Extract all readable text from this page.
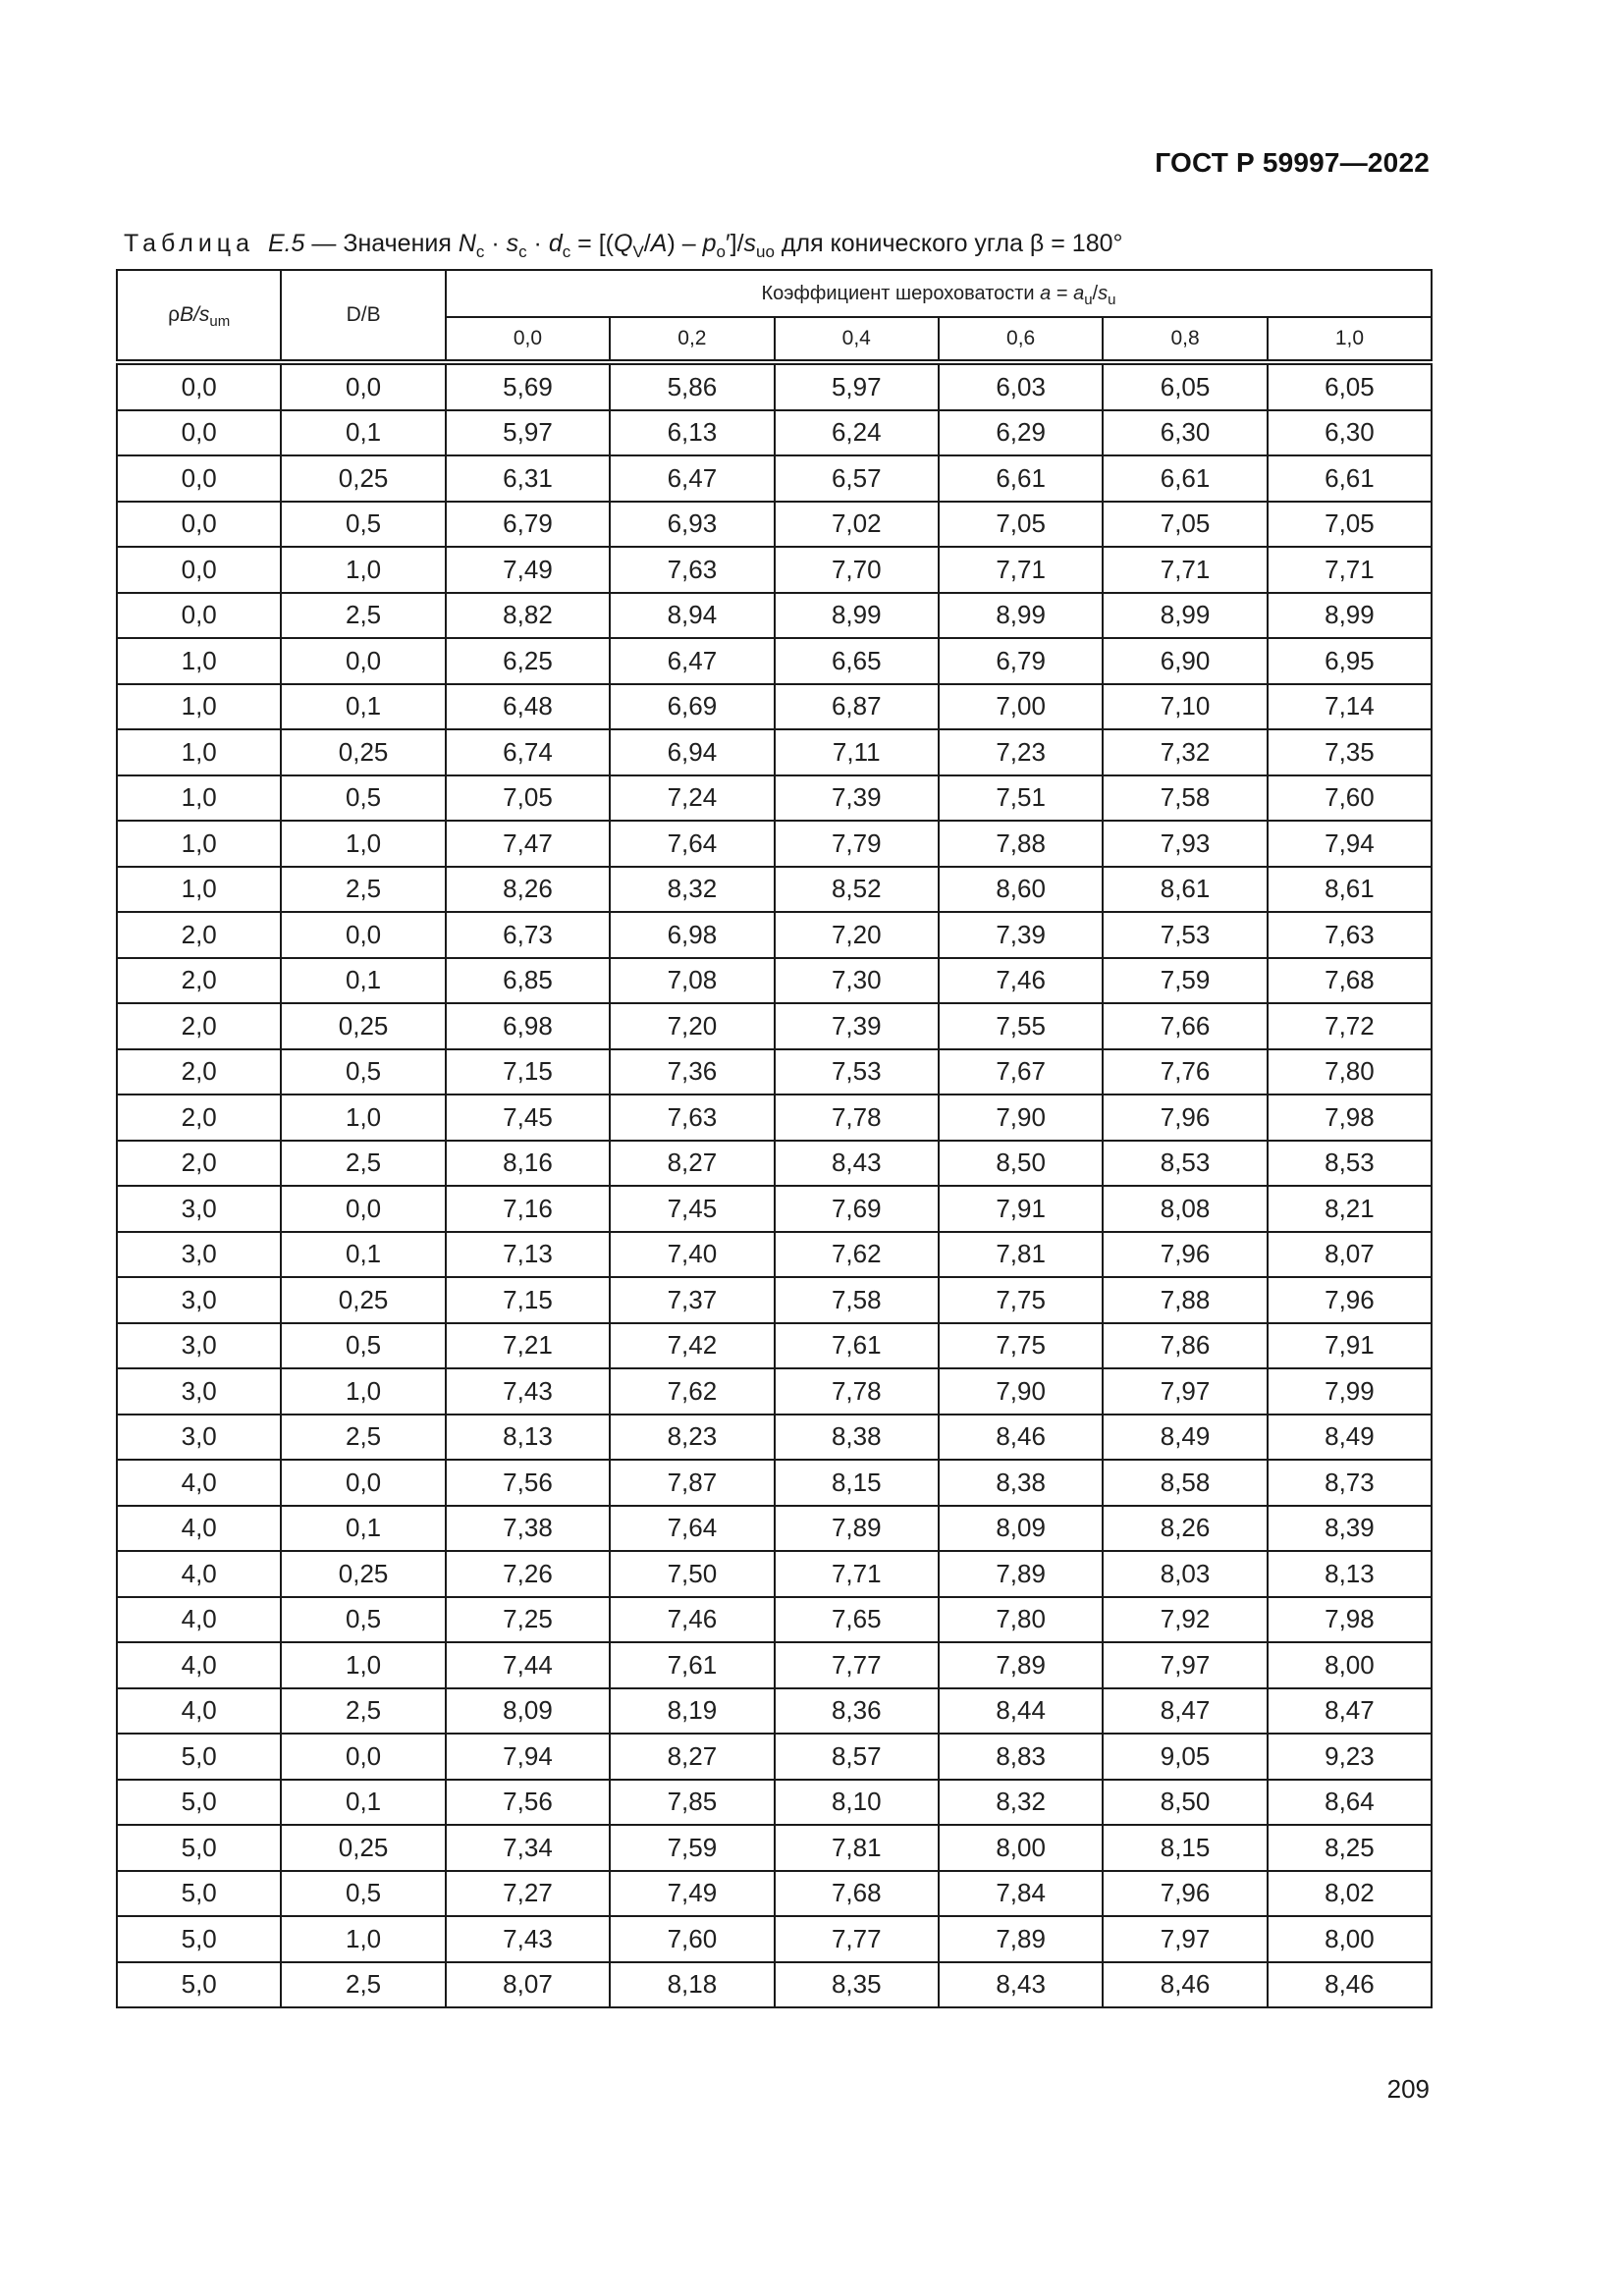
ГОСТ Р 59997—2022
Таблица E.5 — Значения $N_c \cdot s_c \cdot d_c = [(Q_V/A) - p_o']/s_{uo}$ для конического угла β = 180°
$\rho B/s_{um}$	D/B	Коэффициент шероховатости $a = a_u/s_u$
		0,0	0,2	0,4	0,6	0,8	1,0
0,0	0,0	5,69	5,86	5,97	6,03	6,05	6,05
0,0	0,1	5,97	6,13	6,24	6,29	6,30	6,30
0,0	0,25	6,31	6,47	6,57	6,61	6,61	6,61
0,0	0,5	6,79	6,93	7,02	7,05	7,05	7,05
0,0	1,0	7,49	7,63	7,70	7,71	7,71	7,71
0,0	2,5	8,82	8,94	8,99	8,99	8,99	8,99
1,0	0,0	6,25	6,47	6,65	6,79	6,90	6,95
1,0	0,1	6,48	6,69	6,87	7,00	7,10	7,14
1,0	0,25	6,74	6,94	7,11	7,23	7,32	7,35
1,0	0,5	7,05	7,24	7,39	7,51	7,58	7,60
1,0	1,0	7,47	7,64	7,79	7,88	7,93	7,94
1,0	2,5	8,26	8,32	8,52	8,60	8,61	8,61
2,0	0,0	6,73	6,98	7,20	7,39	7,53	7,63
2,0	0,1	6,85	7,08	7,30	7,46	7,59	7,68
2,0	0,25	6,98	7,20	7,39	7,55	7,66	7,72
2,0	0,5	7,15	7,36	7,53	7,67	7,76	7,80
2,0	1,0	7,45	7,63	7,78	7,90	7,96	7,98
2,0	2,5	8,16	8,27	8,43	8,50	8,53	8,53
3,0	0,0	7,16	7,45	7,69	7,91	8,08	8,21
3,0	0,1	7,13	7,40	7,62	7,81	7,96	8,07
3,0	0,25	7,15	7,37	7,58	7,75	7,88	7,96
3,0	0,5	7,21	7,42	7,61	7,75	7,86	7,91
3,0	1,0	7,43	7,62	7,78	7,90	7,97	7,99
3,0	2,5	8,13	8,23	8,38	8,46	8,49	8,49
4,0	0,0	7,56	7,87	8,15	8,38	8,58	8,73
4,0	0,1	7,38	7,64	7,89	8,09	8,26	8,39
4,0	0,25	7,26	7,50	7,71	7,89	8,03	8,13
4,0	0,5	7,25	7,46	7,65	7,80	7,92	7,98
4,0	1,0	7,44	7,61	7,77	7,89	7,97	8,00
4,0	2,5	8,09	8,19	8,36	8,44	8,47	8,47
5,0	0,0	7,94	8,27	8,57	8,83	9,05	9,23
5,0	0,1	7,56	7,85	8,10	8,32	8,50	8,64
5,0	0,25	7,34	7,59	7,81	8,00	8,15	8,25
5,0	0,5	7,27	7,49	7,68	7,84	7,96	8,02
5,0	1,0	7,43	7,60	7,77	7,89	7,97	8,00
5,0	2,5	8,07	8,18	8,35	8,43	8,46	8,46
209
